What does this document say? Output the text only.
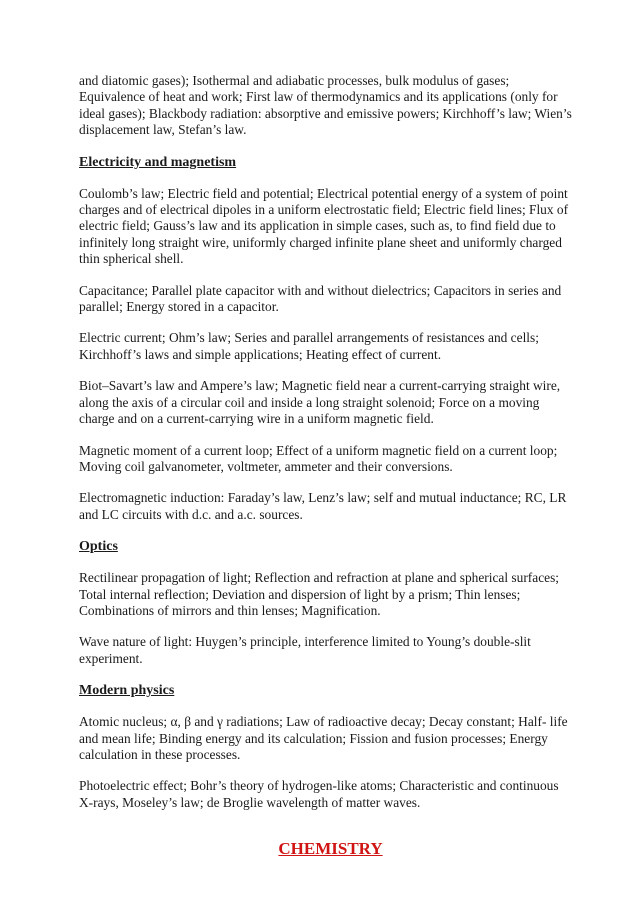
and diatomic gases); Isothermal and adiabatic processes, bulk modulus of gases; Equivalence of heat and work; First law of thermodynamics and its applications (only for ideal gases); Blackbody radiation: absorptive and emissive powers; Kirchhoff’s law; Wien’s displacement law, Stefan’s law.

Electricity and magnetism

Coulomb’s law; Electric field and potential; Electrical potential energy of a system of point charges and of electrical dipoles in a uniform electrostatic field; Electric field lines; Flux of electric field; Gauss’s law and its application in simple cases, such as, to find field due to infinitely long straight wire, uniformly charged infinite plane sheet and uniformly charged thin spherical shell.

Capacitance; Parallel plate capacitor with and without dielectrics; Capacitors in series and parallel; Energy stored in a capacitor.

Electric current; Ohm’s law; Series and parallel arrangements of resistances and cells; Kirchhoff’s laws and simple applications; Heating effect of current.

Biot–Savart’s law and Ampere’s law; Magnetic field near a current-carrying straight wire, along the axis of a circular coil and inside a long straight solenoid; Force on a moving charge and on a current-carrying wire in a uniform magnetic field.

Magnetic moment of a current loop; Effect of a uniform magnetic field on a current loop; Moving coil galvanometer, voltmeter, ammeter and their conversions.

Electromagnetic induction: Faraday’s law, Lenz’s law; self and mutual inductance; RC, LR and LC circuits with d.c. and a.c. sources.

Optics

Rectilinear propagation of light; Reflection and refraction at plane and spherical surfaces; Total internal reflection; Deviation and dispersion of light by a prism; Thin lenses; Combinations of mirrors and thin lenses; Magnification.

Wave nature of light: Huygen’s principle, interference limited to Young’s double-slit experiment.

Modern physics

Atomic nucleus; α, β and γ radiations; Law of radioactive decay; Decay constant; Half- life and mean life; Binding energy and its calculation; Fission and fusion processes; Energy calculation in these processes.

Photoelectric effect; Bohr’s theory of hydrogen-like atoms; Characteristic and continuous X-rays, Moseley’s law; de Broglie wavelength of matter waves.

CHEMISTRY
